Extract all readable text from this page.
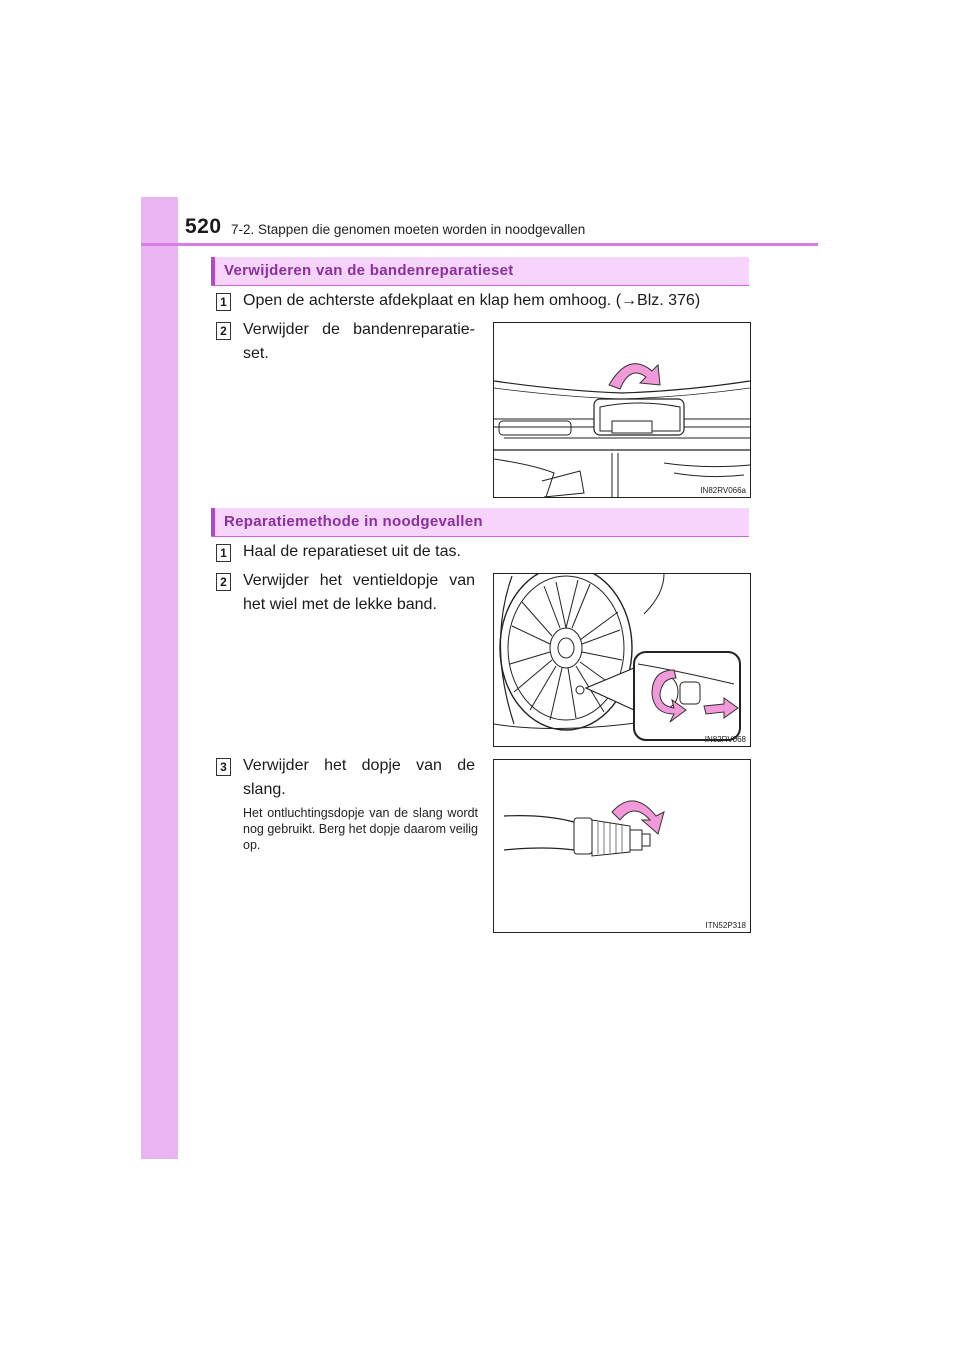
520 7-2. Stappen die genomen moeten worden in noodgevallen
Verwijderen van de bandenreparatieset
1 Open de achterste afdekplaat en klap hem omhoog. (→Blz. 376)
2 Verwijder de bandenreparatie-set.
IN82RV066a
Reparatiemethode in noodgevallen
1 Haal de reparatieset uit de tas.
2 Verwijder het ventieldopje van het wiel met de lekke band.
IN82RV068
3 Verwijder het dopje van de slang.
Het ontluchtingsdopje van de slang wordt nog gebruikt. Berg het dopje daarom veilig op.
ITN52P318
